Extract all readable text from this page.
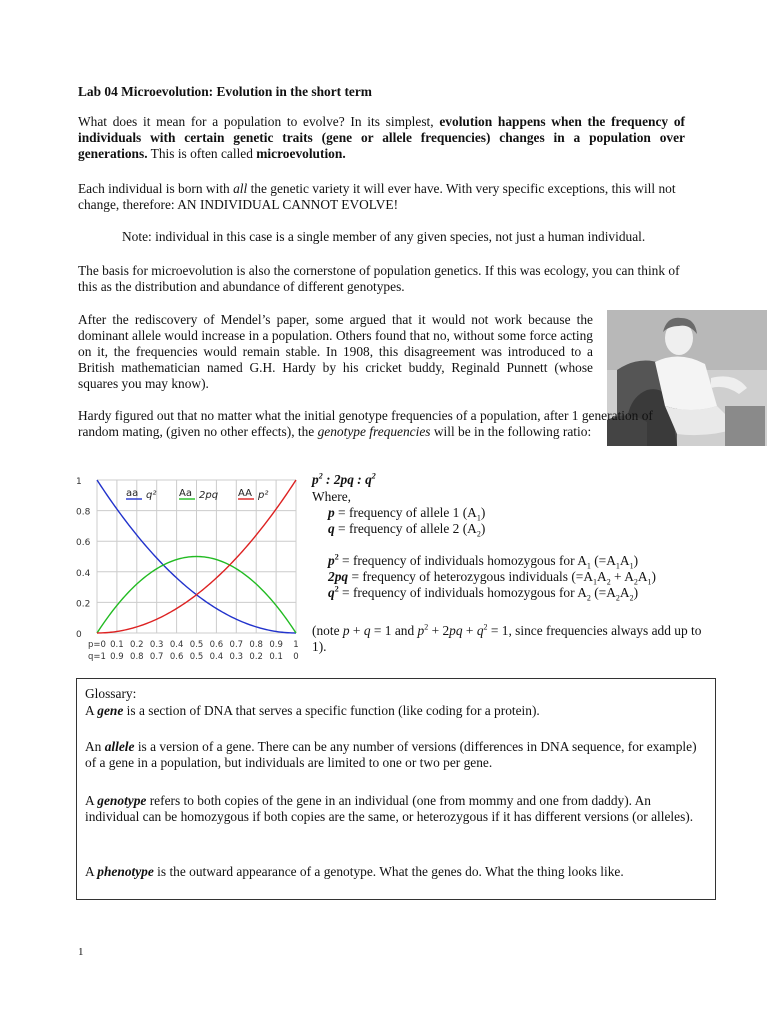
Lab 04 Microevolution: Evolution in the short term
What does it mean for a population to evolve? In its simplest, evolution happens when the frequency of individuals with certain genetic traits (gene or allele frequencies) changes in a population over generations. This is often called microevolution.
Each individual is born with all the genetic variety it will ever have. With very specific exceptions, this will not change, therefore: AN INDIVIDUAL CANNOT EVOLVE!
Note: individual in this case is a single member of any given species, not just a human individual.
The basis for microevolution is also the cornerstone of population genetics. If this was ecology, you can think of this as the distribution and abundance of different genotypes.
After the rediscovery of Mendel’s paper, some argued that it would not work because the dominant allele would increase in a population. Others found that no, without some force acting on it, the frequencies would remain stable. In 1908, this disagreement was introduced to a British mathematician named G.H. Hardy by his cricket buddy, Reginald Punnett (whose squares you may know).
Hardy figured out that no matter what the initial genotype frequencies of a population, after 1 generation of random mating, (given no other effects), the genotype frequencies will be in the following ratio:
0
0.2
0.4
0.6
0.8
1
p=0
q=1
0.1
0.9
0.2
0.8
0.3
0.7
0.4
0.6
0.5
0.5
0.6
0.4
0.7
0.3
0.8
0.2
0.9
0.1
1
0
aa q² Aa 2pq AA p²
$p^2$ : 2pq : $q^2$
Where,
p = frequency of allele 1 $(A_1)$
q = frequency of allele 2 $(A_2)$
$p^2$ = frequency of individuals homozygous for $A_1$ $(=A_1A_1)$
2pq = frequency of heterozygous individuals $(=A_1A_2 + A_2A_1)$
$q^2$ = frequency of individuals homozygous for $A_2$ $(=A_2A_2)$
(note p + q = 1 and $p^2 + 2pq + q^2 = 1$, since frequencies always add up to 1).
Glossary:
A gene is a section of DNA that serves a specific function (like coding for a protein).
An allele is a version of a gene. There can be any number of versions (differences in DNA sequence, for example) of a gene in a population, but individuals are limited to one or two per gene.
A genotype refers to both copies of the gene in an individual (one from mommy and one from daddy). An individual can be homozygous if both copies are the same, or heterozygous if it has different versions (or alleles).
A phenotype is the outward appearance of a genotype. What the genes do. What the thing looks like.
1
